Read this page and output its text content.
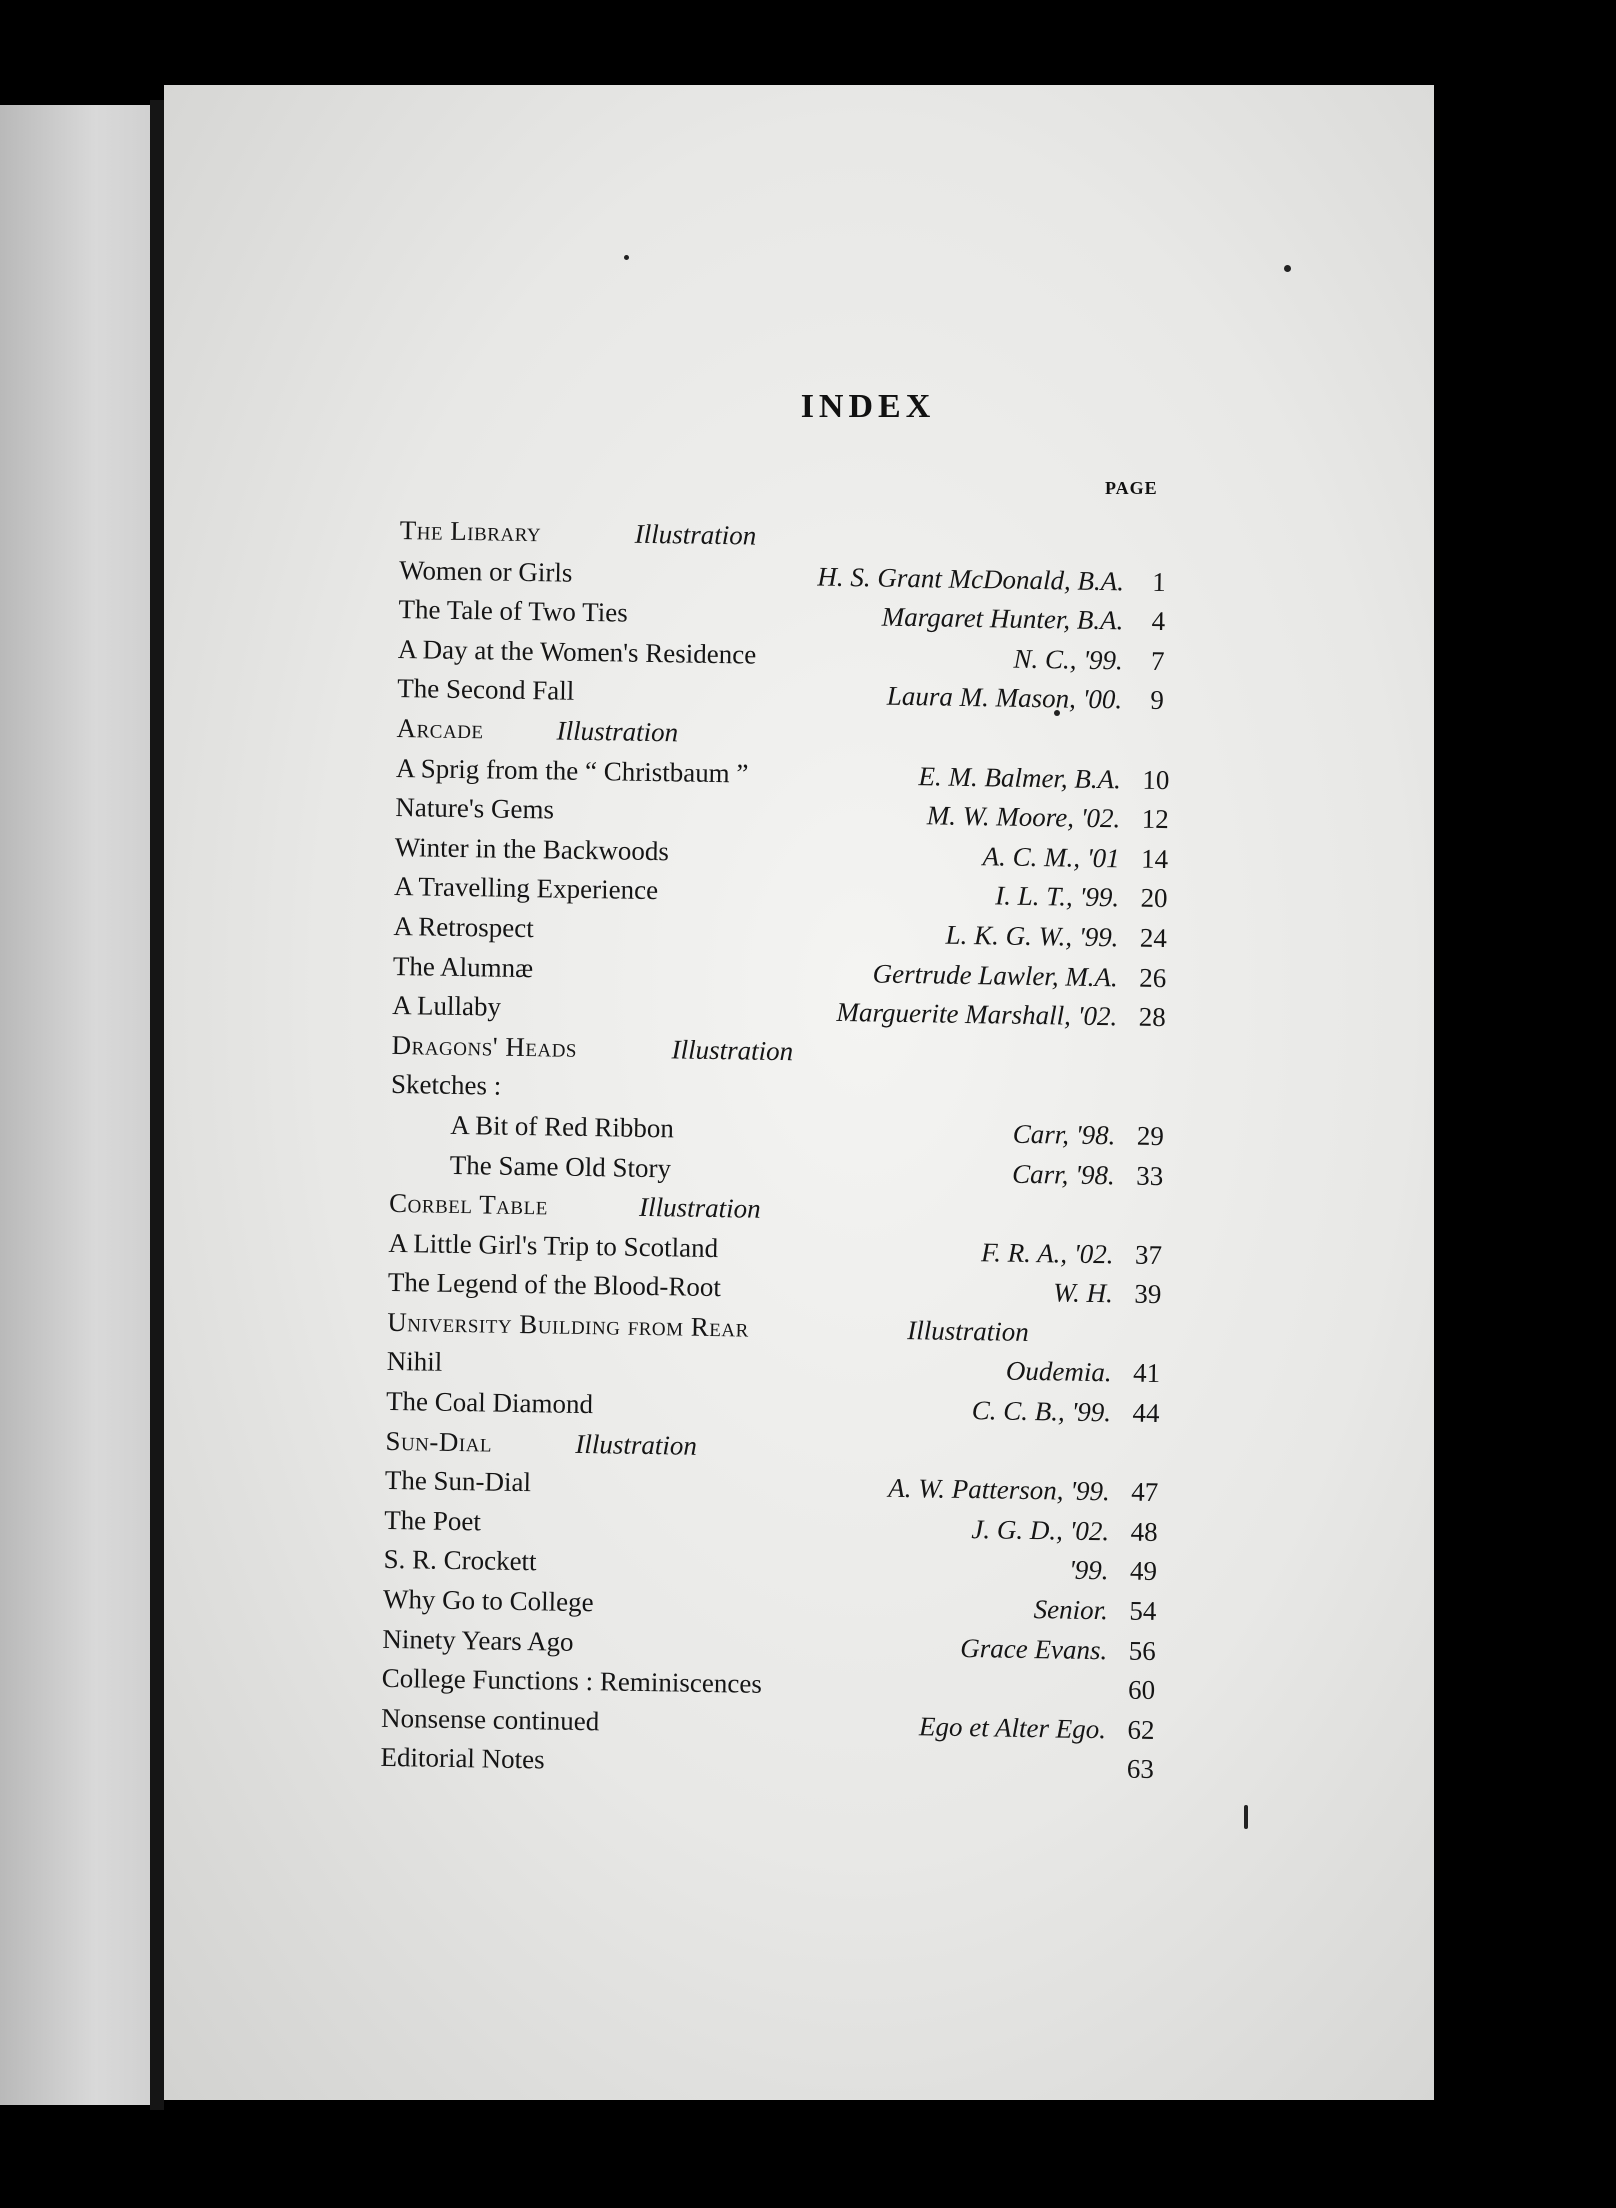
INDEX
PAGE
The Library	Illustration
Women or Girls	H. S. Grant McDonald, B.A.	1
The Tale of Two Ties	Margaret Hunter, B.A.	4
A Day at the Women's Residence	N. C., '99.	7
The Second Fall	Laura M. Mason, '00.	9
Arcade	Illustration
A Sprig from the “ Christbaum ”	E. M. Balmer, B.A. 10
Nature's Gems	M. W. Moore, '02. 12
Winter in the Backwoods	A. C. M., '01 14
A Travelling Experience	I. L. T., '99. 20
A Retrospect	L. K. G. W., '99. 24
The Alumnæ	Gertrude Lawler, M.A. 26
A Lullaby	Marguerite Marshall, '02. 28
Dragons' Heads	Illustration
Sketches :
A Bit of Red Ribbon	Carr, '98. 29
The Same Old Story	Carr, '98. 33
Corbel Table	Illustration
A Little Girl's Trip to Scotland	F. R. A., '02. 37
The Legend of the Blood-Root	W. H. 39
University Building from Rear	Illustration
Nihil	Oudemia. 41
The Coal Diamond	C. C. B., '99. 44
Sun-Dial	Illustration
The Sun-Dial	A. W. Patterson, '99. 47
The Poet	J. G. D., '02. 48
S. R. Crockett	'99. 49
Why Go to College	Senior. 54
Ninety Years Ago	Grace Evans. 56
College Functions : Reminiscences	60
Nonsense continued	Ego et Alter Ego. 62
Editorial Notes	63
